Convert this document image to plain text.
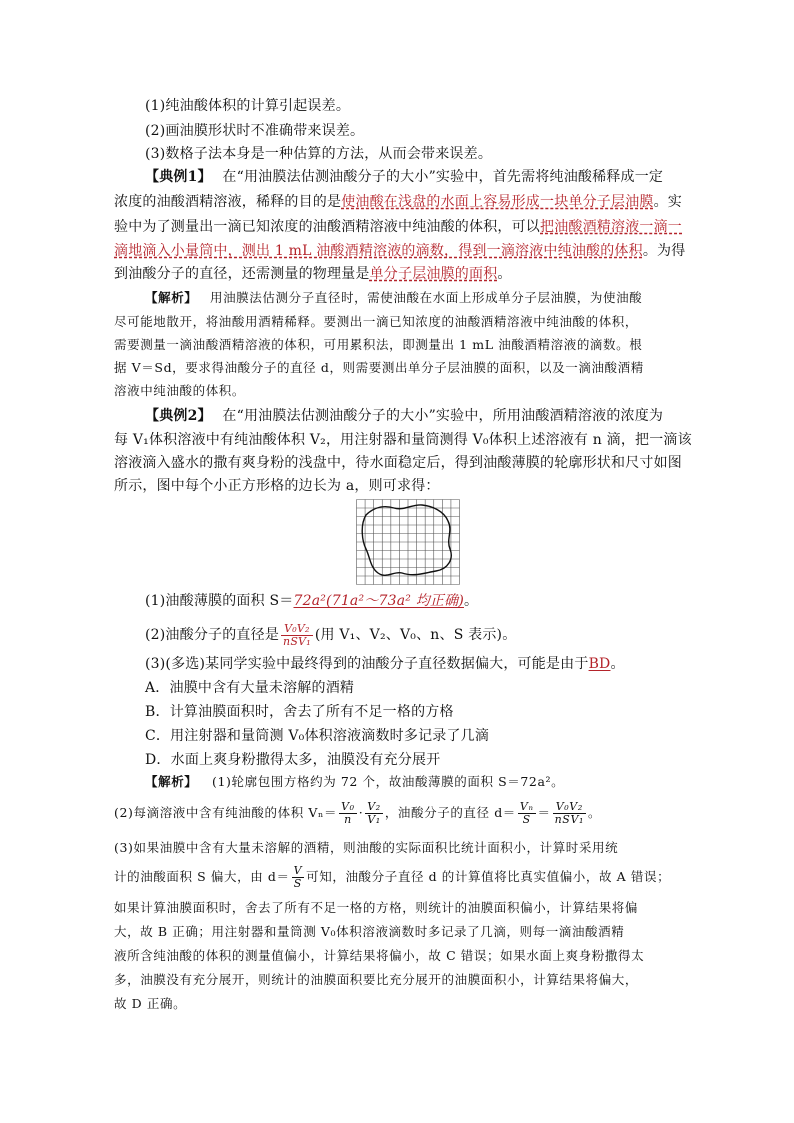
(1)纯油酸体积的计算引起误差。
(2)画油膜形状时不准确带来误差。
(3)数格子法本身是一种估算的方法，从而会带来误差。
【典例1】 在“用油膜法估测油酸分子的大小”实验中，首先需将纯油酸稀释成一定
浓度的油酸酒精溶液，稀释的目的是使油酸在浅盘的水面上容易形成一块单分子层油膜。实
验中为了测量出一滴已知浓度的油酸酒精溶液中纯油酸的体积，可以把油酸酒精溶液一滴一
滴地滴入小量筒中，测出 1 mL 油酸酒精溶液的滴数，得到一滴溶液中纯油酸的体积。为得
到油酸分子的直径，还需测量的物理量是单分子层油膜的面积。
【解析】 用油膜法估测分子直径时，需使油酸在水面上形成单分子层油膜，为使油酸
尽可能地散开，将油酸用酒精稀释。要测出一滴已知浓度的油酸酒精溶液中纯油酸的体积，
需要测量一滴油酸酒精溶液的体积，可用累积法，即测量出 1 mL 油酸酒精溶液的滴数。根
据 V＝Sd，要求得油酸分子的直径 d，则需要测出单分子层油膜的面积，以及一滴油酸酒精
溶液中纯油酸的体积。
【典例2】 在“用油膜法估测油酸分子的大小”实验中，所用油酸酒精溶液的浓度为
每 V₁体积溶液中有纯油酸体积 V₂，用注射器和量筒测得 V₀体积上述溶液有 n 滴，把一滴该
溶液滴入盛水的撒有爽身粉的浅盘中，待水面稳定后，得到油酸薄膜的轮廓形状和尺寸如图
所示，图中每个小正方形格的边长为 a，则可求得：
(1)油酸薄膜的面积 S＝72a²(71a²～73a² 均正确)。
(2)油酸分子的直径是 $\frac{\text{V₀V₂}}{\text{nSV₁}}$ (用 V₁、V₂、V₀、n、S 表示)。
(3)(多选)某同学实验中最终得到的油酸分子直径数据偏大，可能是由于BD。
A．油膜中含有大量未溶解的酒精
B．计算油膜面积时，舍去了所有不足一格的方格
C．用注射器和量筒测 V₀体积溶液滴数时多记录了几滴
D．水面上爽身粉撒得太多，油膜没有充分展开
【解析】 (1)轮廓包围方格约为 72 个，故油酸薄膜的面积 S＝72a²。
(2)每滴溶液中含有纯油酸的体积 $V_n= \frac{\text{V₀}}{n} \cdot \frac{\text{V₂}}{\text{V₁}}$ ，油酸分子的直径 $d= \frac{\text{Vₙ}}{S} = \frac{\text{V₀V₂}}{\text{nSV₁}}$ 。
(3)如果油膜中含有大量未溶解的酒精，则油酸的实际面积比统计面积小，计算时采用统
计的油酸面积 S 偏大，由 $d= \frac{V}{S}$ 可知，油酸分子直径 d 的计算值将比真实值偏小，故 A 错误；
如果计算油膜面积时，舍去了所有不足一格的方格，则统计的油膜面积偏小，计算结果将偏
大，故 B 正确；用注射器和量筒测 V₀体积溶液滴数时多记录了几滴，则每一滴油酸酒精
液所含纯油酸的体积的测量值偏小，计算结果将偏小，故 C 错误；如果水面上爽身粉撒得太
多，油膜没有充分展开，则统计的油膜面积要比充分展开的油膜面积小，计算结果将偏大，
故 D 正确。
